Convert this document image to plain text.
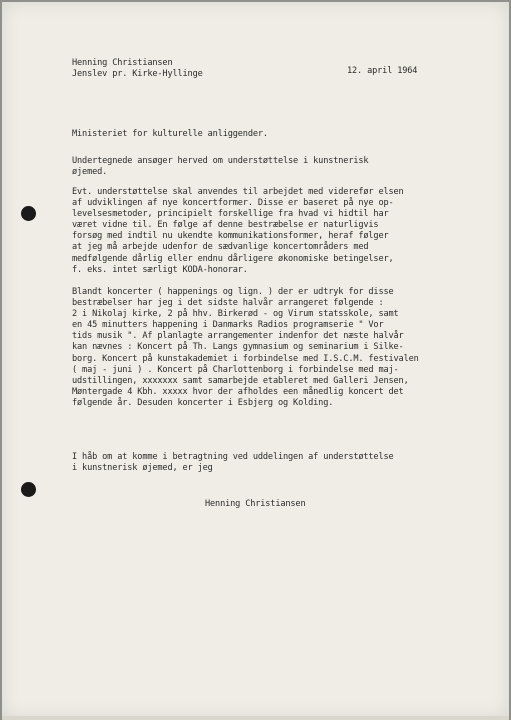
Henning Christiansen

Jenslev pr. Kirke-Hyllinge	12. april 1964

Ministeriet for kulturelle anliggender.

Undertegnede ansøger herved om understøttelse i kunstnerisk
øjemed.

Evt. understøttelse skal anvendes til arbejdet med viderefør elsen
af udviklingen af nye koncertformer. Disse er baseret på nye op-
levelsesmetoder, principielt forskellige fra hvad vi hidtil har
været vidne til. En følge af denne bestræbelse er naturligvis
forsøg med indtil nu ukendte kommunikationsformer, heraf følger
at jeg må arbejde udenfor de sædvanlige koncertområders med
medfølgende dårlig eller endnu dårligere økonomiske betingelser,
f. eks. intet særligt KODA-honorar.

Blandt koncerter ( happenings og lign. ) der er udtryk for disse
bestræbelser har jeg i det sidste halvår arrangeret følgende :
2 i Nikolaj kirke, 2 på hhv. Birkerød - og Virum statsskole, samt
en 45 minutters happening i Danmarks Radios programserie " Vor
tids musik ". Af planlagte arrangementer indenfor det næste halvår
kan nævnes : Koncert på Th. Langs gymnasium og seminarium i Silke-
borg. Koncert på kunstakademiet i forbindelse med I.S.C.M. festivalen
( maj - juni ) . Koncert på Charlottenborg i forbindelse med maj-
udstillingen, xxxxxxx samt samarbejde etableret med Galleri Jensen,
Møntergade 4 Kbh. xxxxx hvor der afholdes een månedlig koncert det
følgende år. Desuden koncerter i Esbjerg og Kolding.

I håb om at komme i betragtning ved uddelingen af understøttelse
i kunstnerisk øjemed, er jeg

Henning Christiansen
